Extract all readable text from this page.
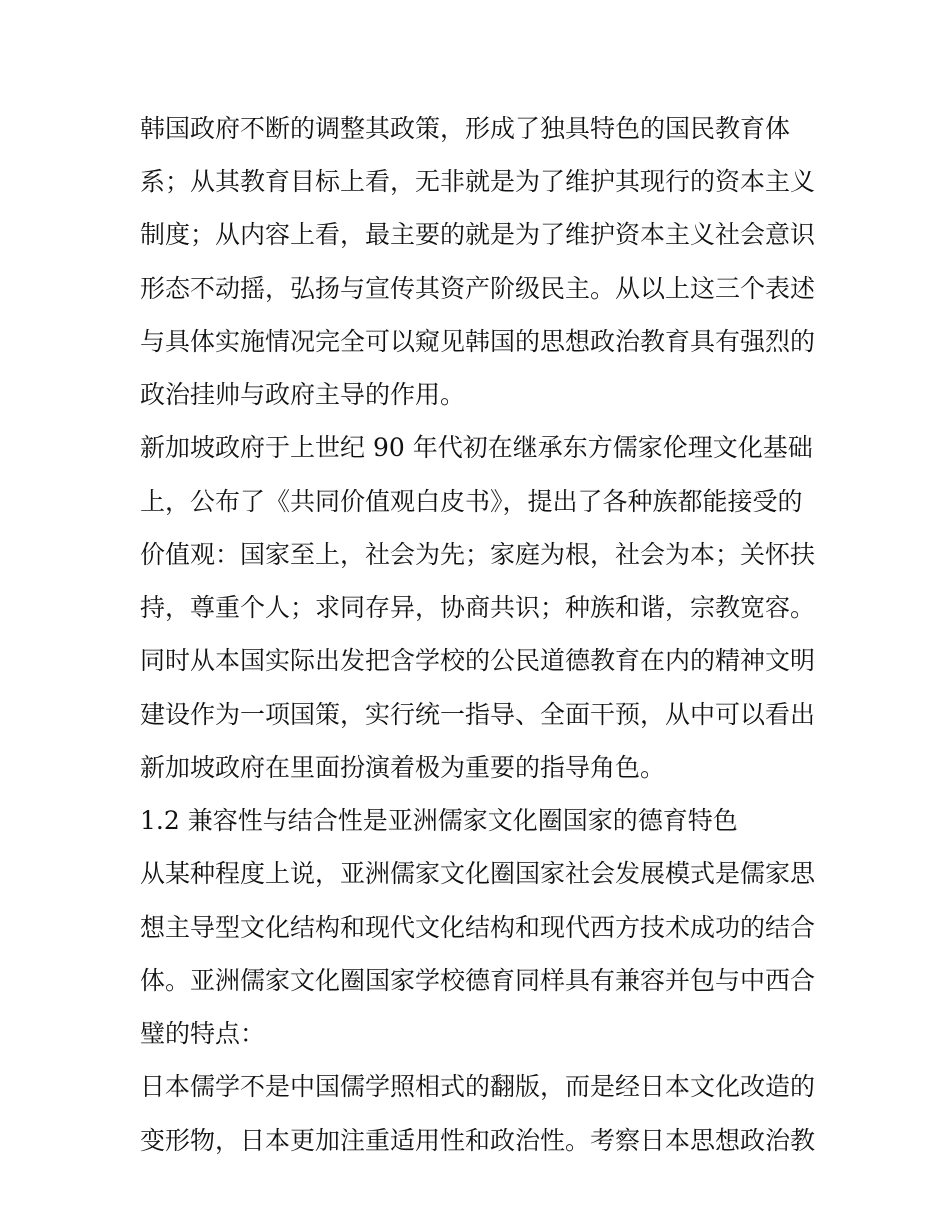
韩国政府不断的调整其政策，形成了独具特色的国民教育体
系；从其教育目标上看，无非就是为了维护其现行的资本主义
制度；从内容上看，最主要的就是为了维护资本主义社会意识
形态不动摇，弘扬与宣传其资产阶级民主。从以上这三个表述
与具体实施情况完全可以窥见韩国的思想政治教育具有强烈的
政治挂帅与政府主导的作用。
新加坡政府于上世纪 90 年代初在继承东方儒家伦理文化基础
上，公布了《共同价值观白皮书》，提出了各种族都能接受的
价值观：国家至上，社会为先；家庭为根，社会为本；关怀扶
持，尊重个人；求同存异，协商共识；种族和谐，宗教宽容。
同时从本国实际出发把含学校的公民道德教育在内的精神文明
建设作为一项国策，实行统一指导、全面干预，从中可以看出
新加坡政府在里面扮演着极为重要的指导角色。
1.2 兼容性与结合性是亚洲儒家文化圈国家的德育特色
从某种程度上说，亚洲儒家文化圈国家社会发展模式是儒家思
想主导型文化结构和现代文化结构和现代西方技术成功的结合
体。亚洲儒家文化圈国家学校德育同样具有兼容并包与中西合
璧的特点：
日本儒学不是中国儒学照相式的翻版，而是经日本文化改造的
变形物，日本更加注重适用性和政治性。考察日本思想政治教
